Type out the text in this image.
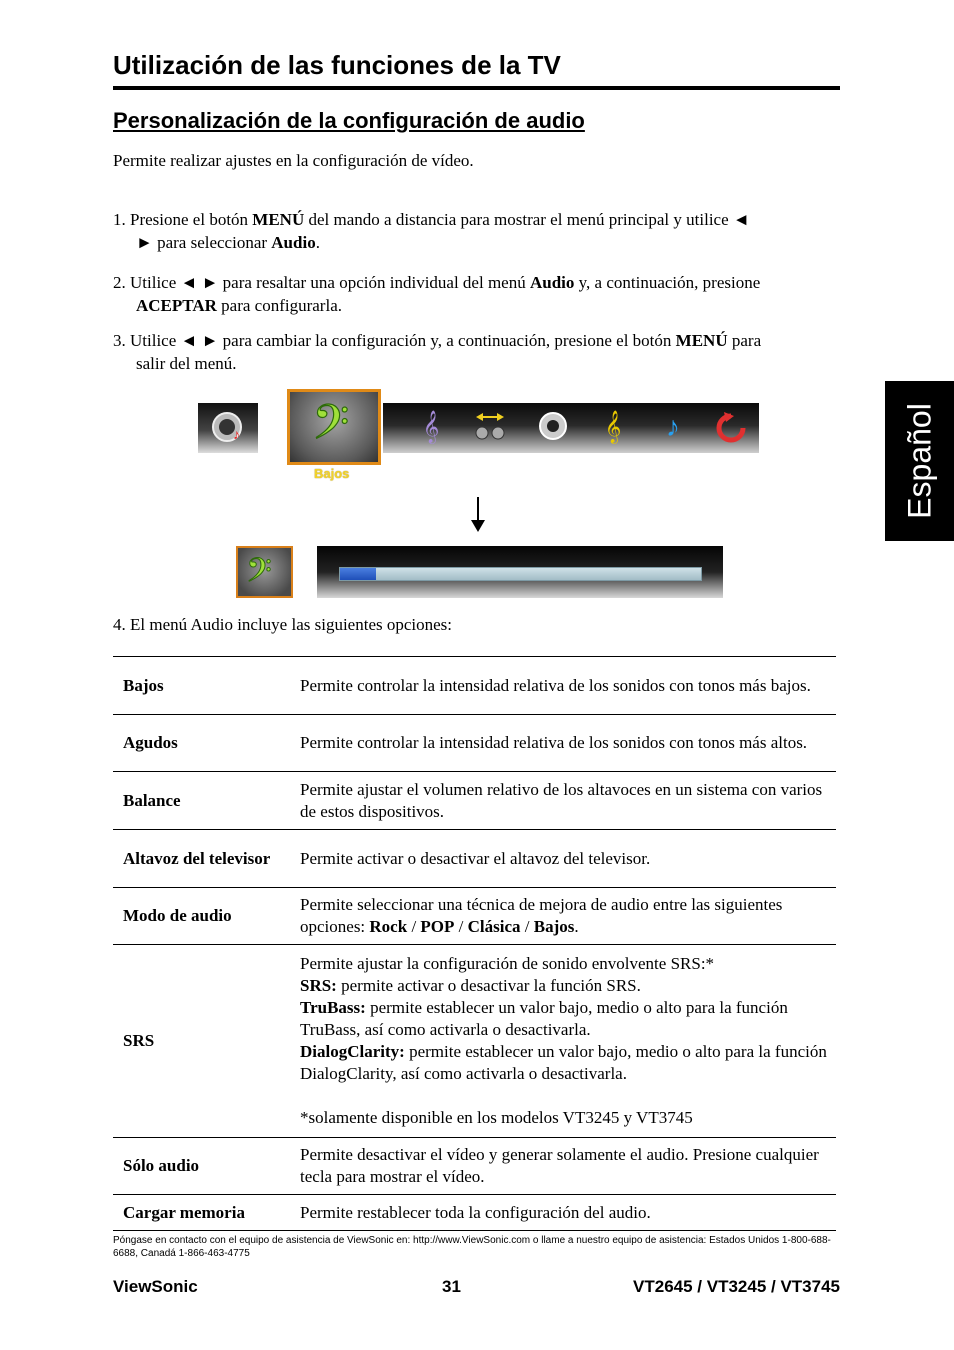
Utilización de las funciones de la TV
Personalización de la configuración de audio

Permite realizar ajustes en la configuración de vídeo.

1. Presione el botón MENÚ del mando a distancia para mostrar el menú principal y utilice ◄
► para seleccionar Audio.
2. Utilice ◄ ► para resaltar una opción individual del menú Audio y, a continuación, presione
ACEPTAR para configurarla.
3. Utilice ◄ ► para cambiar la configuración y, a continuación, presione el botón MENÚ para
salir del menú.
Español
♪ 𝄢
Bajos
𝄞	𝄞	♪
𝄢

4. El menú Audio incluye las siguientes opciones:

Bajos	Permite controlar la intensidad relativa de los sonidos con tonos más bajos.
Agudos	Permite controlar la intensidad relativa de los sonidos con tonos más altos.
Balance	Permite ajustar el volumen relativo de los altavoces en un sistema con varios de estos dispositivos.
Altavoz del televisor	Permite activar o desactivar el altavoz del televisor.
Modo de audio	Permite seleccionar una técnica de mejora de audio entre las siguientes opciones: Rock / POP / Clásica / Bajos.
SRS	Permite ajustar la configuración de sonido envolvente SRS:*
SRS: permite activar o desactivar la función SRS.
TruBass: permite establecer un valor bajo, medio o alto para la función TruBass, así como activarla o desactivarla.
DialogClarity: permite establecer un valor bajo, medio o alto para la función DialogClarity, así como activarla o desactivarla.
*solamente disponible en los modelos VT3245 y VT3745

Sólo audio	Permite desactivar el vídeo y generar solamente el audio. Presione cualquier tecla para mostrar el vídeo.
Cargar memoria	Permite restablecer toda la configuración del audio.
Póngase en contacto con el equipo de asistencia de ViewSonic en: http://www.ViewSonic.com o llame a nuestro equipo de asistencia: Estados Unidos 1-800-688-6688, Canadá 1-866-463-4775
ViewSonic	31	VT2645 / VT3245 / VT3745
